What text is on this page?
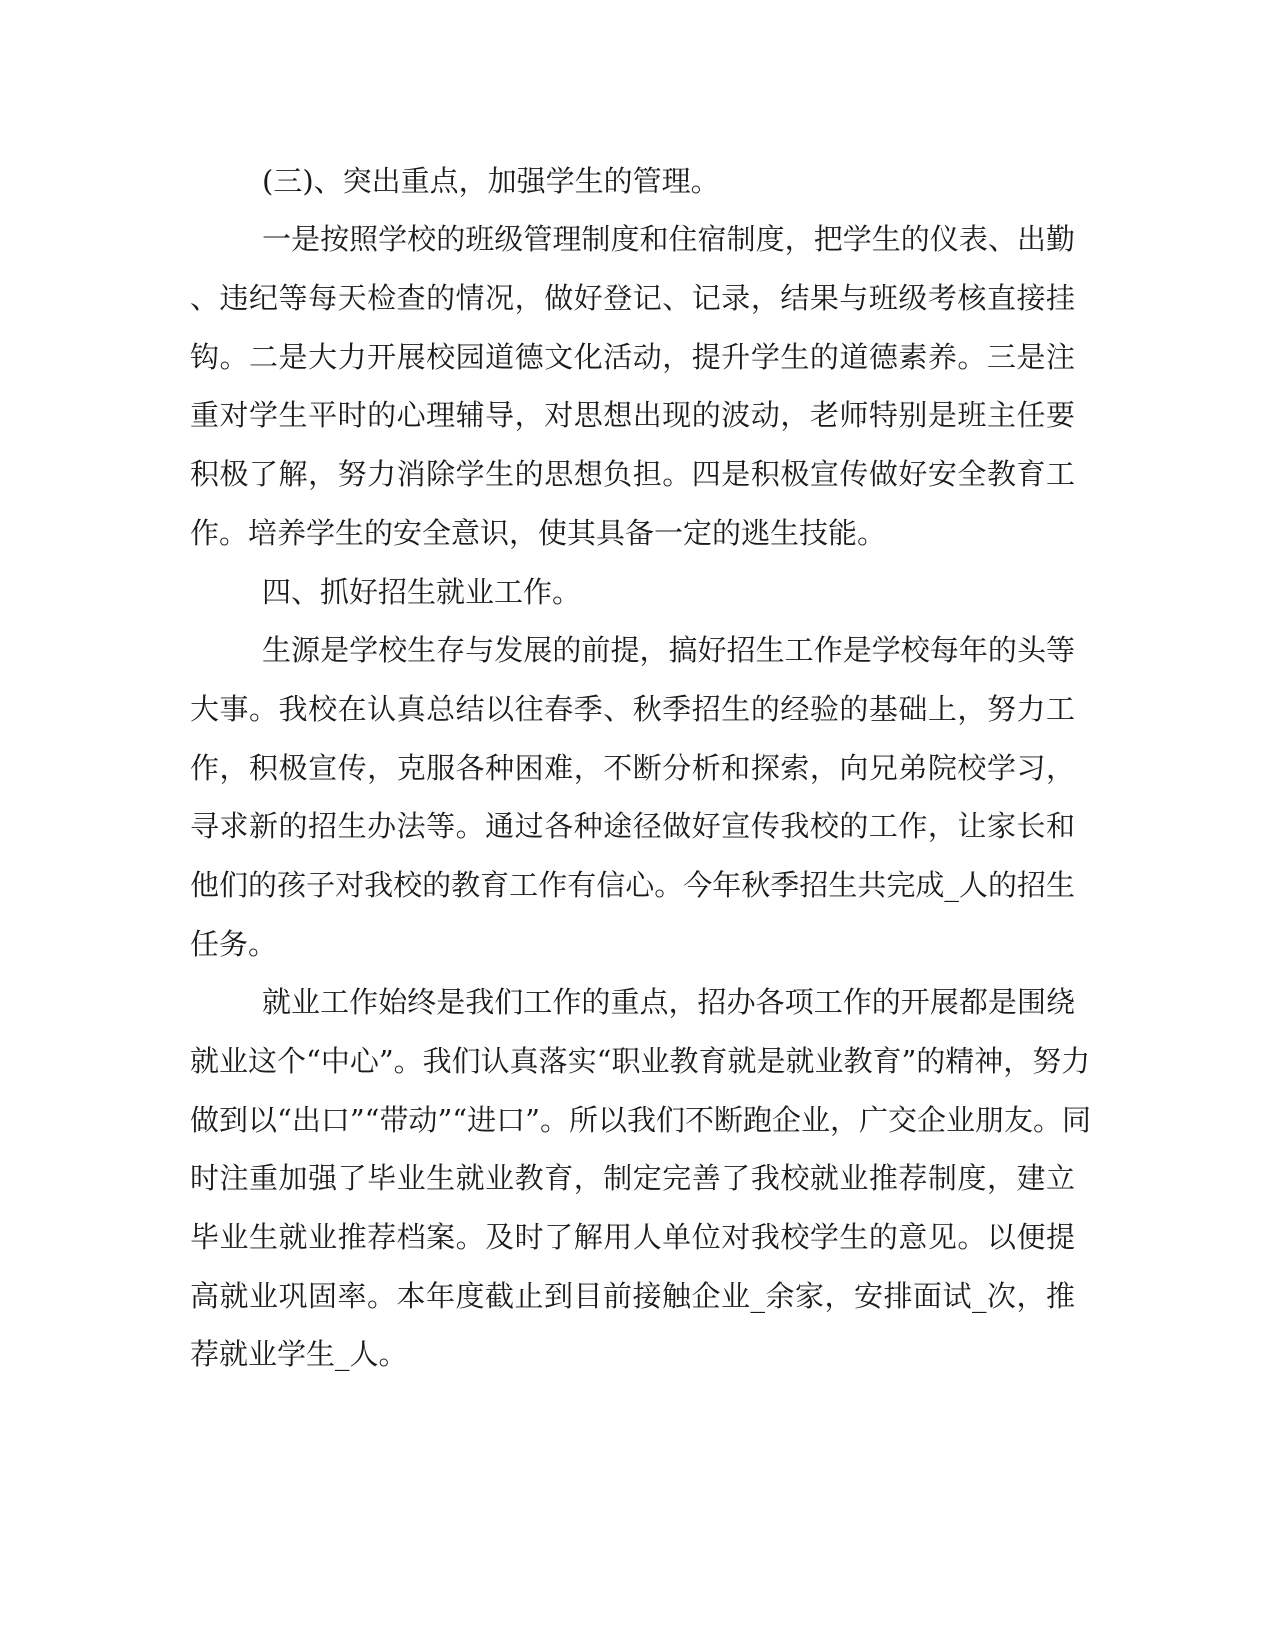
(三)、突出重点，加强学生的管理。

一是按照学校的班级管理制度和住宿制度，把学生的仪表、出勤

、违纪等每天检查的情况，做好登记、记录，结果与班级考核直接挂

钩。二是大力开展校园道德文化活动，提升学生的道德素养。三是注

重对学生平时的心理辅导，对思想出现的波动，老师特别是班主任要

积极了解，努力消除学生的思想负担。四是积极宣传做好安全教育工

作。培养学生的安全意识，使其具备一定的逃生技能。

四、抓好招生就业工作。

生源是学校生存与发展的前提，搞好招生工作是学校每年的头等

大事。我校在认真总结以往春季、秋季招生的经验的基础上，努力工

作，积极宣传，克服各种困难，不断分析和探索，向兄弟院校学习，

寻求新的招生办法等。通过各种途径做好宣传我校的工作，让家长和

他们的孩子对我校的教育工作有信心。今年秋季招生共完成_人的招生

任务。

就业工作始终是我们工作的重点，招办各项工作的开展都是围绕

就业这个“中心”。我们认真落实“职业教育就是就业教育”的精神，努力

做到以“出口”“带动”“进口”。所以我们不断跑企业，广交企业朋友。同

时注重加强了毕业生就业教育，制定完善了我校就业推荐制度，建立

毕业生就业推荐档案。及时了解用人单位对我校学生的意见。以便提

高就业巩固率。本年度截止到目前接触企业_余家，安排面试_次，推

荐就业学生_人。
